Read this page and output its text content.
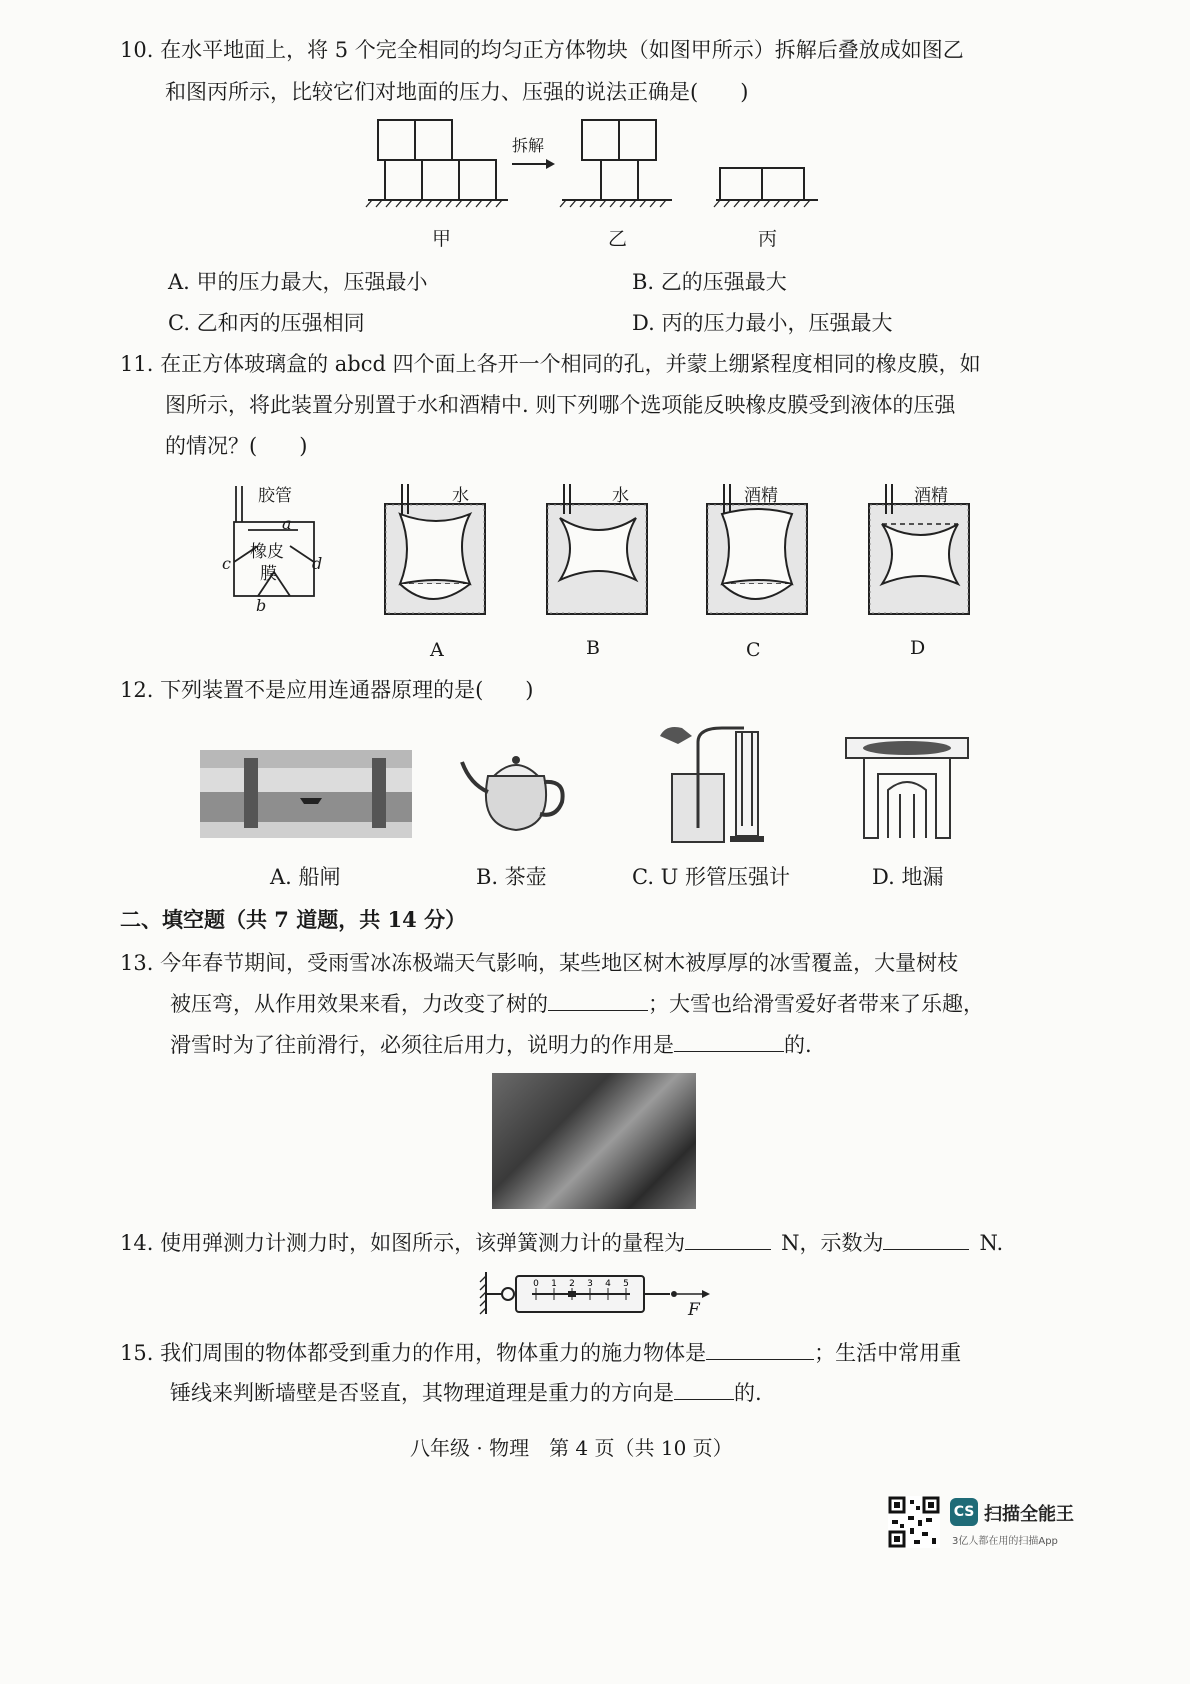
10. 在水平地面上，将 5 个完全相同的均匀正方体物块（如图甲所示）拆解后叠放成如图乙
和图丙所示，比较它们对地面的压力、压强的说法正确是(　　)
拆解
甲	乙	丙
A. 甲的压力最大，压强最小	B. 乙的压强最大
C. 乙和丙的压强相同	D. 丙的压力最小，压强最大
11. 在正方体玻璃盒的 abcd 四个面上各开一个相同的孔，并蒙上绷紧程度相同的橡皮膜，如
图所示，将此装置分别置于水和酒精中. 则下列哪个选项能反映橡皮膜受到液体的压强
的情况？(　　)
胶管
橡皮
膜
a
b
c	d
水	水	酒精	酒精
A	B	C	D
12. 下列装置不是应用连通器原理的是(　　)
A. 船闸	B. 茶壶	C. U 形管压强计	D. 地漏
二、填空题（共 7 道题，共 14 分）
13. 今年春节期间，受雨雪冰冻极端天气影响，某些地区树木被厚厚的冰雪覆盖，大量树枝
被压弯，从作用效果来看，力改变了树的	；大雪也给滑雪爱好者带来了乐趣，
滑雪时为了往前滑行，必须往后用力，说明力的作用是	的.
14. 使用弹测力计测力时，如图所示，该弹簧测力计的量程为	N，示数为	N.
0 1 2 3 4 5
F
15. 我们周围的物体都受到重力的作用，物体重力的施力物体是	；生活中常用重
锤线来判断墙壁是否竖直，其物理道理是重力的方向是	的.
八年级 · 物理　第 4 页（共 10 页）
CS 扫描全能王
3亿人都在用的扫描App
